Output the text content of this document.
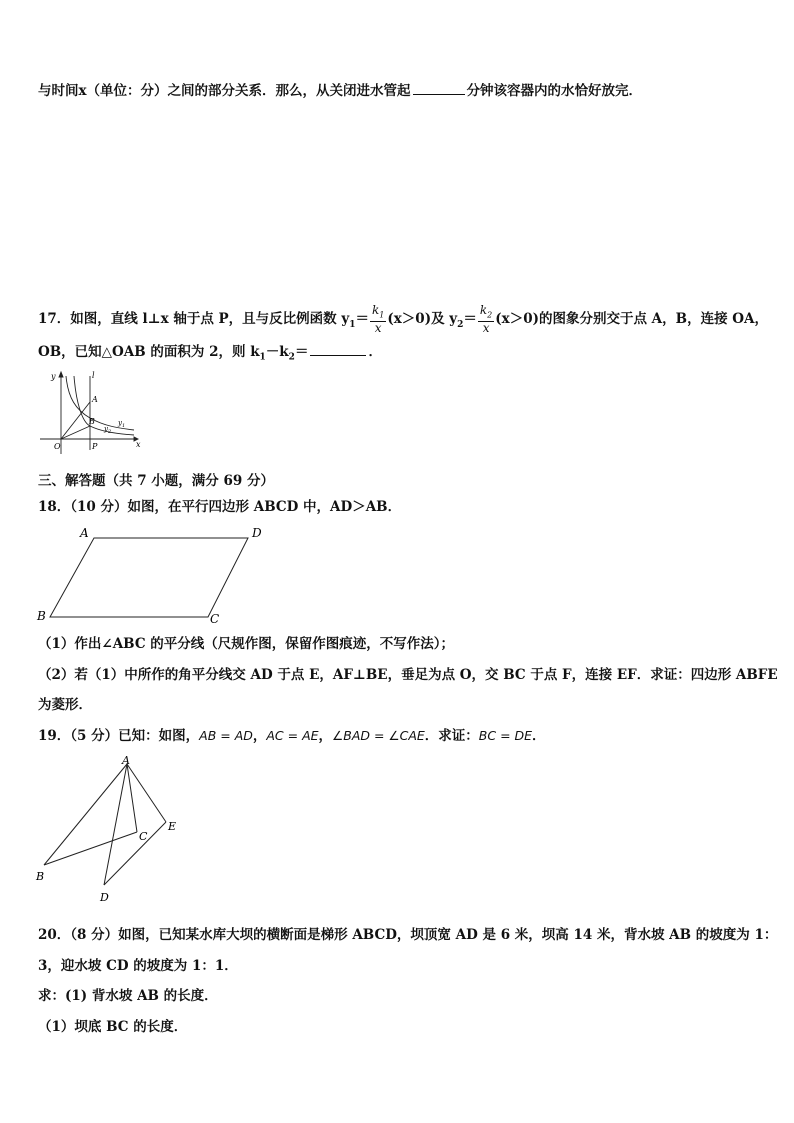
与时间x（单位：分）之间的部分关系．那么，从关闭进水管起	分钟该容器内的水恰好放完．
17．如图，直线 l⊥x 轴于点 P，且与反比例函数 $y_1= \frac{k_1}{x} (x>0)$及 $y_2= \frac{k_2}{x} (x>0)$的图象分别交于点 A，B，连接 OA，
OB，已知△OAB 的面积为 2，则 $k_1-k_2=$	．
y	l
A
B
O	P	x
$y_1$
$y_2$
三、解答题（共 7 小题，满分 69 分）
18．（10 分）如图，在平行四边形 ABCD 中，AD＞AB．
A	D
B	C
（1）作出∠ABC 的平分线（尺规作图，保留作图痕迹，不写作法）；
（2）若（1）中所作的角平分线交 AD 于点 E，AF⊥BE，垂足为点 O，交 BC 于点 F，连接 EF．求证：四边形 ABFE
为菱形．
19．（5 分）已知：如图，AB = AD，AC = AE，∠BAD = ∠CAE．求证：BC = DE．
A
B
C
D
E
20．（8 分）如图，已知某水库大坝的横断面是梯形 ABCD，坝顶宽 AD 是 6 米，坝高 14 米，背水坡 AB 的坡度为 1：
3，迎水坡 CD 的坡度为 1：1．
求：(1) 背水坡 AB 的长度．
（1）坝底 BC 的长度．
